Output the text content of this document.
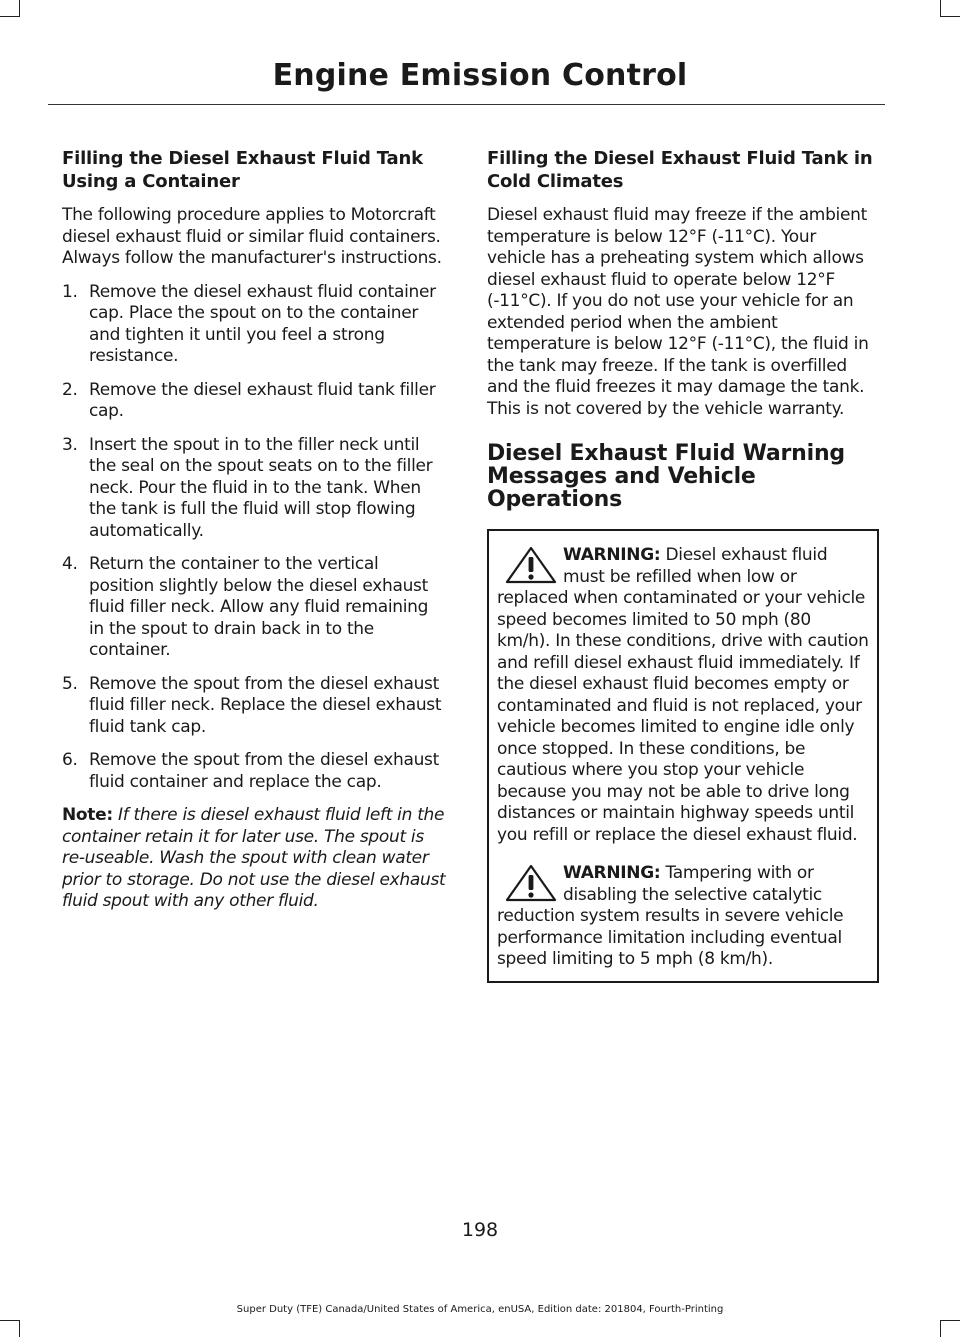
Engine Emission Control
Filling the Diesel Exhaust Fluid Tank Using a Container

The following procedure applies to Motorcraft diesel exhaust fluid or similar fluid containers. Always follow the manufacturer's instructions.

1. Remove the diesel exhaust fluid container cap. Place the spout on to the container and tighten it until you feel a strong resistance.
2. Remove the diesel exhaust fluid tank filler cap.
3. Insert the spout in to the filler neck until the seal on the spout seats on to the filler neck. Pour the fluid in to the tank. When the tank is full the fluid will stop flowing automatically.
4. Return the container to the vertical position slightly below the diesel exhaust fluid filler neck. Allow any fluid remaining in the spout to drain back in to the container.
5. Remove the spout from the diesel exhaust fluid filler neck. Replace the diesel exhaust fluid tank cap.
6. Remove the spout from the diesel exhaust fluid container and replace the cap.
Note: If there is diesel exhaust fluid left in the container retain it for later use. The spout is re-useable. Wash the spout with clean water prior to storage. Do not use the diesel exhaust fluid spout with any other fluid.
Filling the Diesel Exhaust Fluid Tank in Cold Climates

Diesel exhaust fluid may freeze if the ambient temperature is below 12°F (-11°C). Your vehicle has a preheating system which allows diesel exhaust fluid to operate below 12°F (-11°C). If you do not use your vehicle for an extended period when the ambient temperature is below 12°F (-11°C), the fluid in the tank may freeze. If the tank is overfilled and the fluid freezes it may damage the tank. This is not covered by the vehicle warranty.

Diesel Exhaust Fluid Warning Messages and Vehicle Operations

WARNING: Diesel exhaust fluid must be refilled when low or replaced when contaminated or your vehicle speed becomes limited to 50 mph (80 km/h). In these conditions, drive with caution and refill diesel exhaust fluid immediately. If the diesel exhaust fluid becomes empty or contaminated and fluid is not replaced, your vehicle becomes limited to engine idle only once stopped. In these conditions, be cautious where you stop your vehicle because you may not be able to drive long distances or maintain highway speeds until you refill or replace the diesel exhaust fluid.

WARNING: Tampering with or disabling the selective catalytic reduction system results in severe vehicle performance limitation including eventual speed limiting to 5 mph (8 km/h).

198
Super Duty (TFE) Canada/United States of America, enUSA, Edition date: 201804, Fourth-Printing
